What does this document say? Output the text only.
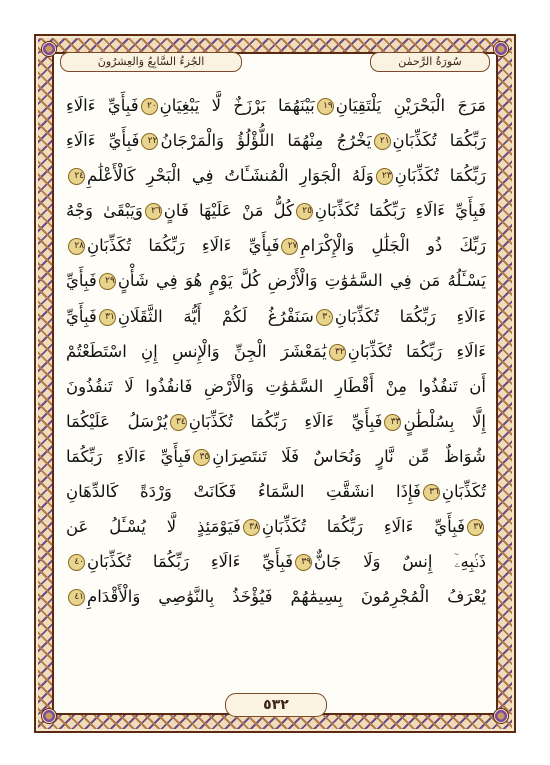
الجُزءُ السَّابِعُ وَالعِشرُونَ	سُورَةُ الرَّحمٰن
مَرَجَ الْبَحْرَيْنِ يَلْتَقِيَانِ١٩بَيْنَهُمَا بَرْزَخٌ لَّا يَبْغِيَانِ٢٠فَبِأَيِّ ءَالَاءِ
رَبِّكُمَا تُكَذِّبَانِ٢١يَخْرُجُ مِنْهُمَا اللُّؤْلُؤُ وَالْمَرْجَانُ٢٢فَبِأَيِّ ءَالَاءِ
رَبِّكُمَا تُكَذِّبَانِ٢٣وَلَهُ الْجَوَارِ الْمُنشَـَٔاتُ فِي الْبَحْرِ كَالْأَعْلَٰمِ٢٤
فَبِأَيِّ ءَالَاءِ رَبِّكُمَا تُكَذِّبَانِ٢٥كُلُّ مَنْ عَلَيْهَا فَانٍ٢٦وَيَبْقَىٰ وَجْهُ
رَبِّكَ ذُو الْجَلَٰلِ وَالْإِكْرَامِ٢٧فَبِأَيِّ ءَالَاءِ رَبِّكُمَا تُكَذِّبَانِ٢٨
يَسْـَٔلُهُ مَن فِي السَّمَٰوَٰتِ وَالْأَرْضِ كُلَّ يَوْمٍ هُوَ فِي شَأْنٍ٢٩فَبِأَيِّ
ءَالَاءِ رَبِّكُمَا تُكَذِّبَانِ٣٠سَنَفْرُغُ لَكُمْ أَيُّهَ الثَّقَلَانِ٣١فَبِأَيِّ
ءَالَاءِ رَبِّكُمَا تُكَذِّبَانِ٣٢يَٰمَعْشَرَ الْجِنِّ وَالْإِنسِ إِنِ اسْتَطَعْتُمْ
أَن تَنفُذُوا مِنْ أَقْطَارِ السَّمَٰوَٰتِ وَالْأَرْضِ فَانفُذُوا لَا تَنفُذُونَ
إِلَّا بِسُلْطَٰنٍ٣٣فَبِأَيِّ ءَالَاءِ رَبِّكُمَا تُكَذِّبَانِ٣٤يُرْسَلُ عَلَيْكُمَا
شُوَاظٌ مِّن نَّارٍ وَنُحَاسٌ فَلَا تَنتَصِرَانِ٣٥فَبِأَيِّ ءَالَاءِ رَبِّكُمَا
تُكَذِّبَانِ٣٦فَإِذَا انشَقَّتِ السَّمَاءُ فَكَانَتْ وَرْدَةً كَالدِّهَانِ
٣٧فَبِأَيِّ ءَالَاءِ رَبِّكُمَا تُكَذِّبَانِ٣٨فَيَوْمَئِذٍ لَّا يُسْـَٔلُ عَن
ذَنۢبِهِۦٓ إِنسٌ وَلَا جَانٌّ٣٩فَبِأَيِّ ءَالَاءِ رَبِّكُمَا تُكَذِّبَانِ٤٠
يُعْرَفُ الْمُجْرِمُونَ بِسِيمَٰهُمْ فَيُؤْخَذُ بِالنَّوَٰصِي وَالْأَقْدَامِ٤١
٥٣٢
